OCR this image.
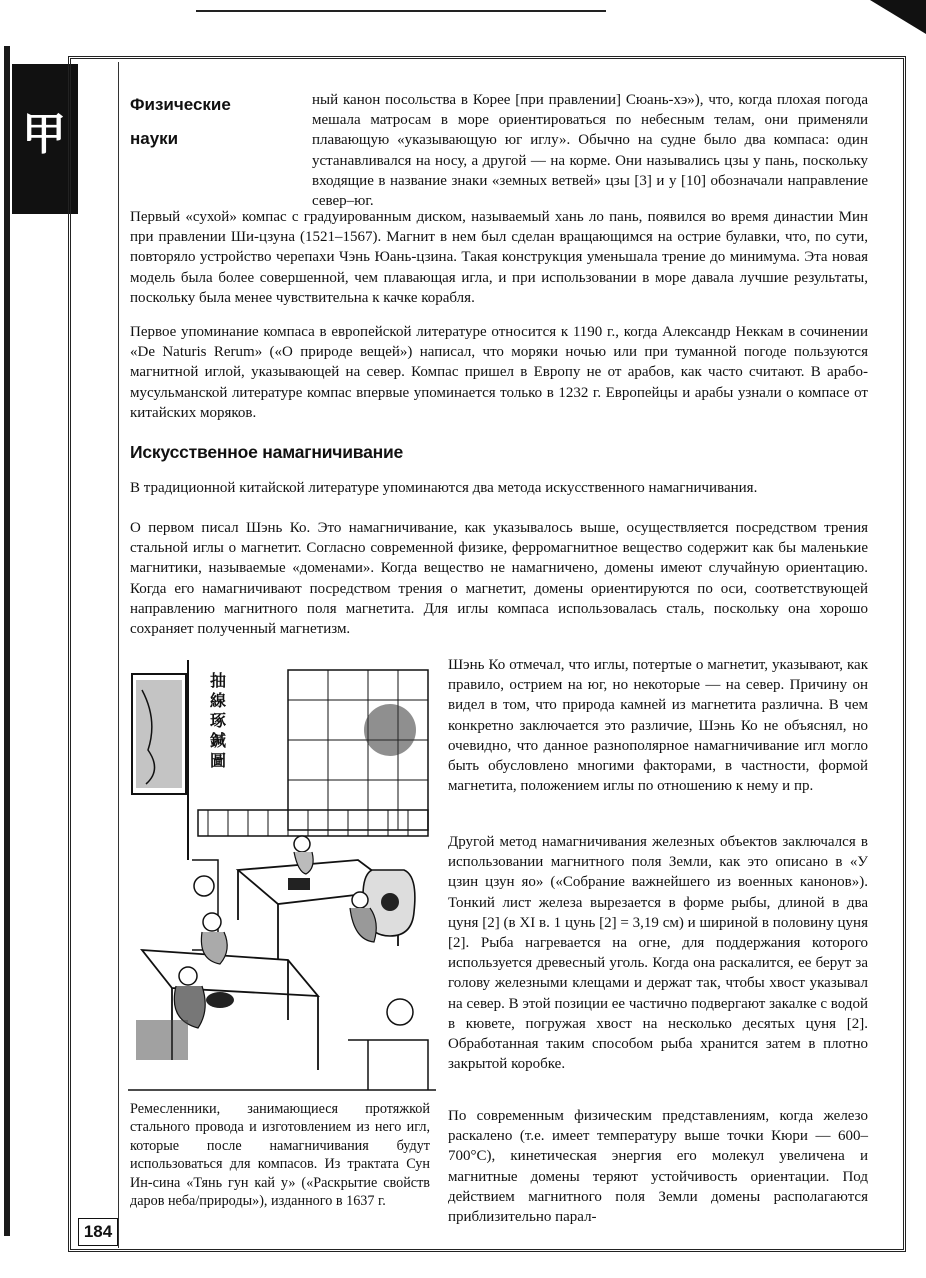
甲
Физические
науки

ный канон посольства в Корее [при правлении] Сюань-хэ»), что, когда плохая погода мешала матросам в море ориентироваться по небесным телам, они применяли плавающую «указывающую юг иглу». Обычно на судне было два компаса: один устанавливался на носу, а другой — на корме. Они назывались цзы у пань, поскольку входящие в название знаки «земных ветвей» цзы [3] и у [10] обозначали направление север–юг.

Первый «сухой» компас с градуированным диском, называемый хань ло пань, появился во время династии Мин при правлении Ши-цзуна (1521–1567). Магнит в нем был сделан вращающимся на острие булавки, что, по сути, повторяло устройство черепахи Чэнь Юань-цзина. Такая конструкция уменьшала трение до минимума. Эта новая модель была более совершенной, чем плавающая игла, и при использовании в море давала лучшие результаты, поскольку была менее чувствительна к качке корабля.

Первое упоминание компаса в европейской литературе относится к 1190 г., когда Александр Неккам в сочинении «De Naturis Rerum» («О природе вещей») написал, что моряки ночью или при туманной погоде пользуются магнитной иглой, указывающей на север. Компас пришел в Европу не от арабов, как часто считают. В арабо-мусульманской литературе компас впервые упоминается только в 1232 г. Европейцы и арабы узнали о компасе от китайских моряков.

Искусственное намагничивание

В традиционной китайской литературе упоминаются два метода искусственного намагничивания.

О первом писал Шэнь Ко. Это намагничивание, как указывалось выше, осуществляется посредством трения стальной иглы о магнетит. Согласно современной физике, ферромагнитное вещество содержит как бы маленькие магнитики, называемые «доменами». Когда вещество не намагничено, домены имеют случайную ориентацию. Когда его намагничивают посредством трения о магнетит, домены ориентируются по оси, соответствующей направлению магнитного поля магнетита. Для иглы компаса использовалась сталь, поскольку она хорошо сохраняет полученный магнетизм.

抽
線
琢
鍼
圖
Ремесленники, занимающиеся протяжкой стального провода и изготовлением из него игл, которые после намагничивания будут использоваться для компасов. Из трактата Сун Ин-сина «Тянь гун кай у» («Раскрытие свойств даров неба/природы»), изданного в 1637 г.

Шэнь Ко отмечал, что иглы, потертые о магнетит, указывают, как правило, острием на юг, но некоторые — на север. Причину он видел в том, что природа камней из магнетита различна. В чем конкретно заключается это различие, Шэнь Ко не объяснял, но очевидно, что данное разнополярное намагничивание игл могло быть обусловлено многими факторами, в частности, формой магнетита, положением иглы по отношению к нему и пр.

Другой метод намагничивания железных объектов заключался в использовании магнитного поля Земли, как это описано в «У цзин цзун яо» («Собрание важнейшего из военных канонов»). Тонкий лист железа вырезается в форме рыбы, длиной в два цуня [2] (в XI в. 1 цунь [2] = 3,19 см) и шириной в половину цуня [2]. Рыба нагревается на огне, для поддержания которого используется древесный уголь. Когда она раскалится, ее берут за голову железными клещами и держат так, чтобы хвост указывал на север. В этой позиции ее частично подвергают закалке с водой в кювете, погружая хвост на несколько десятых цуня [2]. Обработанная таким способом рыба хранится затем в плотно закрытой коробке.

По современным физическим представлениям, когда железо раскалено (т.е. имеет температуру выше точки Кюри — 600–700°С), кинетическая энергия его молекул увеличена и магнитные домены теряют устойчивость ориентации. Под действием магнитного поля Земли домены располагаются приблизительно парал-

184
